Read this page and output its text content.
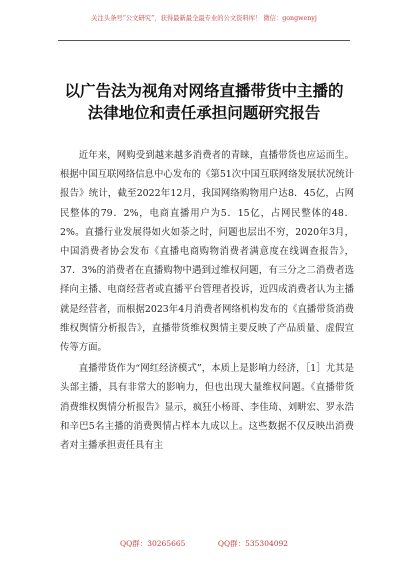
关注头条号“公文研究”，获得最新最全最专业的公文资料库！ 微信：gongwenyj
以广告法为视角对网络直播带货中主播的
法律地位和责任承担问题研究报告

近年来，网购受到越来越多消费者的青睐，直播带货也应运而生。根据中国互联网络信息中心发布的《第51次中国互联网络发展状况统计报告》统计，截至2022年12月，我国网络购物用户达8．45亿，占网民整体的79．2%，电商直播用户为5．15亿，占网民整体的48．2%。直播行业发展得如火如荼之时，问题也层出不穷，2020年3月，中国消费者协会发布《直播电商购物消费者满意度在线调查报告》，37．3%的消费者在直播购物中遇到过维权问题，有三分之二消费者选择向主播、电商经营者或直播平台管理者投诉，近四成消费者认为主播就是经营者，而根据2023年4月消费者网络机构发布的《直播带货消费维权舆情分析报告》，直播带货维权舆情主要反映了产品质量、虚假宣传等方面。

直播带货作为“网红经济模式”，本质上是影响力经济，［1］尤其是头部主播，具有非常大的影响力，但也出现大量维权问题。《直播带货消费维权舆情分析报告》显示，疯狂小杨哥、李佳琦、刘畊宏、罗永浩和辛巴5名主播的消费舆情占样本九成以上。这些数据不仅反映出消费者对主播承担责任具有主

QQ群：30265665	QQ群：535304092
